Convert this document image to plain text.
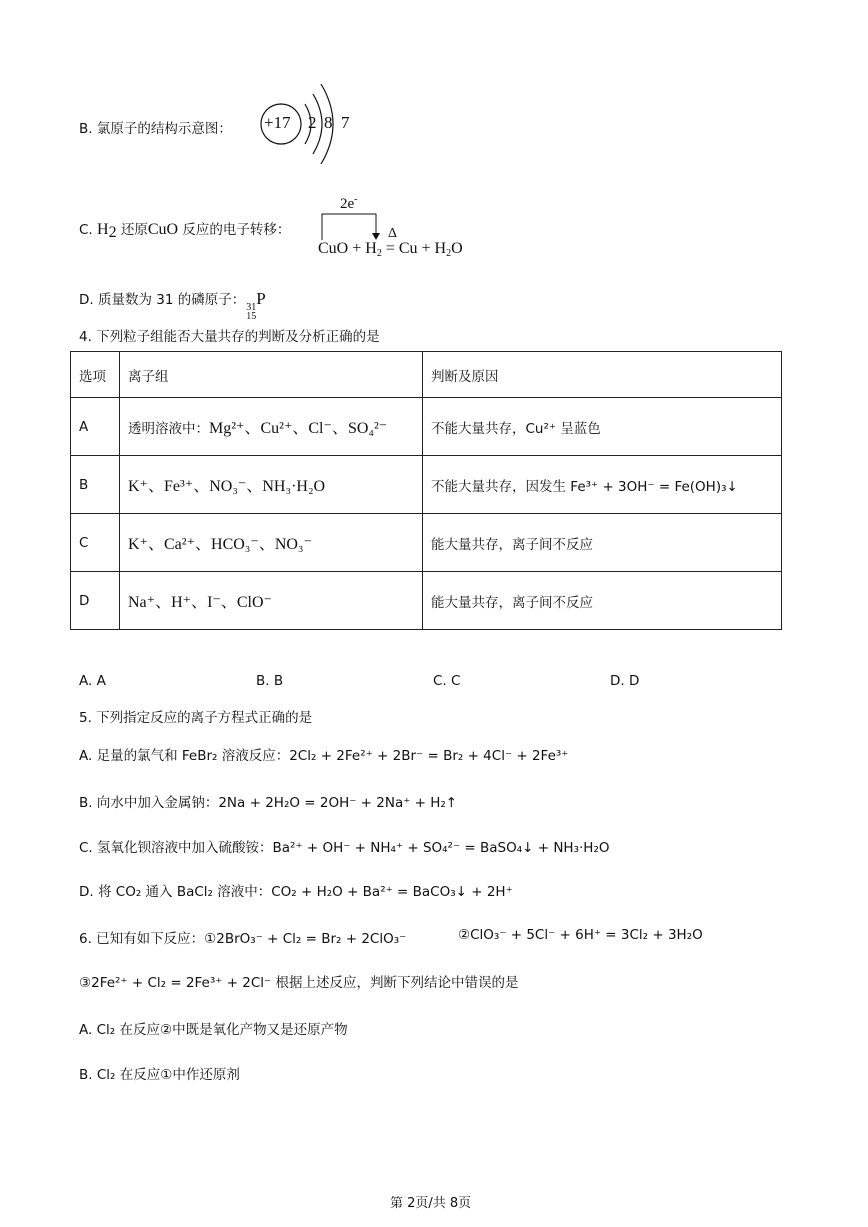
B. 氯原子的结构示意图： +17 2 8 7
C. $H_2$ 还原CuO 反应的电子转移：
2e-
Δ
CuO + $H_2 = Cu + H_2O$
D. 质量数为 31 的磷原子： 31
15
P
4. 下列粒子组能否大量共存的判断及分析正确的是
选项	离子组	判断及原因
A	透明溶液中：Mg²⁺、Cu²⁺、Cl⁻、SO₄²⁻	不能大量共存，Cu²⁺ 呈蓝色
B	K⁺、Fe³⁺、NO₃⁻、NH₃·H₂O	不能大量共存，因发生 Fe³⁺ + 3OH⁻ = Fe(OH)₃↓
C	K⁺、Ca²⁺、HCO₃⁻、NO₃⁻	能大量共存，离子间不反应
D	Na⁺、H⁺、I⁻、ClO⁻	能大量共存，离子间不反应
A. A	B. B	C. C	D. D
5. 下列指定反应的离子方程式正确的是
A. 足量的氯气和 FeBr₂ 溶液反应：2Cl₂ + 2Fe²⁺ + 2Br⁻ = Br₂ + 4Cl⁻ + 2Fe³⁺
B. 向水中加入金属钠：2Na + 2H₂O = 2OH⁻ + 2Na⁺ + H₂↑
C. 氢氧化钡溶液中加入硫酸铵：Ba²⁺ + OH⁻ + NH₄⁺ + SO₄²⁻ = BaSO₄↓ + NH₃·H₂O
D. 将 CO₂ 通入 BaCl₂ 溶液中：CO₂ + H₂O + Ba²⁺ = BaCO₃↓ + 2H⁺
6. 已知有如下反应：①2BrO₃⁻ + Cl₂ = Br₂ + 2ClO₃⁻	②ClO₃⁻ + 5Cl⁻ + 6H⁺ = 3Cl₂ + 3H₂O
③2Fe²⁺ + Cl₂ = 2Fe³⁺ + 2Cl⁻ 根据上述反应，判断下列结论中错误的是
A. Cl₂ 在反应②中既是氧化产物又是还原产物
B. Cl₂ 在反应①中作还原剂
第 2页/共 8页
